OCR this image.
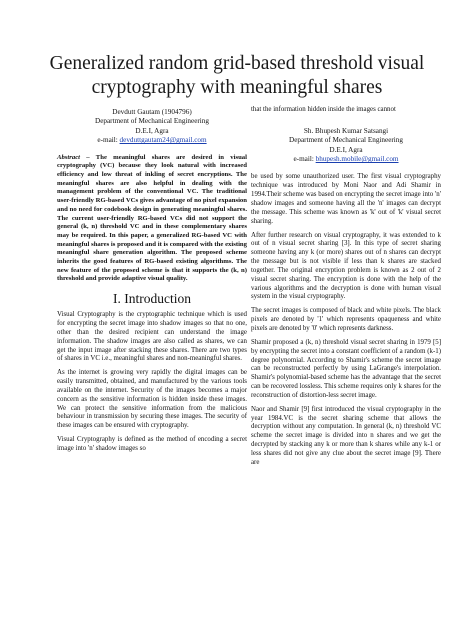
Generalized random grid-based threshold visual cryptography with meaningful shares
Devdutt Gautam (1904796)
Department of Mechanical Engineering
D.E.I, Agra
e-mail: devduttgautam24@gmail.com

Abstract – The meaningful shares are desired in visual cryptography (VC) because they look natural with increased efficiency and low threat of inkling of secret encryptions. The meaningful shares are also helpful in dealing with the management problem of the conventional VC. The traditional user-friendly RG-based VCs gives advantage of no pixel expansion and no need for codebook design in generating meaningful shares. The current user-friendly RG-based VCs did not support the general (k, n) threshold VC and in these complementary shares may be required. In this paper, a generalized RG-based VC with meaningful shares is proposed and it is compared with the existing meaningful share generation algorithm. The proposed scheme inherits the good features of RG-based existing algorithms. The new feature of the proposed scheme is that it supports the (k, n) threshold and provide adaptive visual quality.

I. Introduction

Visual Cryptography is the cryptographic technique which is used for encrypting the secret image into shadow images so that no one, other than the desired recipient can understand the image information. The shadow images are also called as shares, we can get the input image after stacking these shares. There are two types of shares in VC i.e., meaningful shares and non-meaningful shares.

As the internet is growing very rapidly the digital images can be easily transmitted, obtained, and manufactured by the various tools available on the internet. Security of the images becomes a major concern as the sensitive information is hidden inside these images. We can protect the sensitive information from the malicious behaviour in transmission by securing these images. The security of these images can be ensured with cryptography.

Visual Cryptography is defined as the method of encoding a secret image into 'n' shadow images so

that the information hidden inside the images cannot

Sh. Bhupesh Kumar Satsangi
Department of Mechanical Engineering
D.E.I, Agra
e-mail: bhupesh.mobile@gmail.com

be used by some unauthorized user. The first visual cryptography technique was introduced by Moni Naor and Adi Shamir in 1994.Their scheme was based on encrypting the secret image into 'n' shadow images and someone having all the 'n' images can decrypt the message. This scheme was known as 'k' out of 'k' visual secret sharing.

After further research on visual cryptography, it was extended to k out of n visual secret sharing [3]. In this type of secret sharing someone having any k (or more) shares out of n shares can decrypt the message but is not visible if less than k shares are stacked together. The original encryption problem is known as 2 out of 2 visual secret sharing. The encryption is done with the help of the various algorithms and the decryption is done with human visual system in the visual cryptography.

The secret images is composed of black and white pixels. The black pixels are denoted by '1' which represents opaqueness and white pixels are denoted by '0' which represents darkness.

Shamir proposed a (k, n) threshold visual secret sharing in 1979 [5] by encrypting the secret into a constant coefficient of a random (k-1) degree polynomial. According to Shamir's scheme the secret image can be reconstructed perfectly by using LaGrange's interpolation. Shamir's polynomial-based scheme has the advantage that the secret can be recovered lossless. This scheme requires only k shares for the reconstruction of distortion-less secret image.

Naor and Shamir [9] first introduced the visual cryptography in the year 1984.VC is the secret sharing scheme that allows the decryption without any computation. In general (k, n) threshold VC scheme the secret image is divided into n shares and we get the decrypted by stacking any k or more than k shares while any k-1 or less shares did not give any clue about the secret image [9]. There are
